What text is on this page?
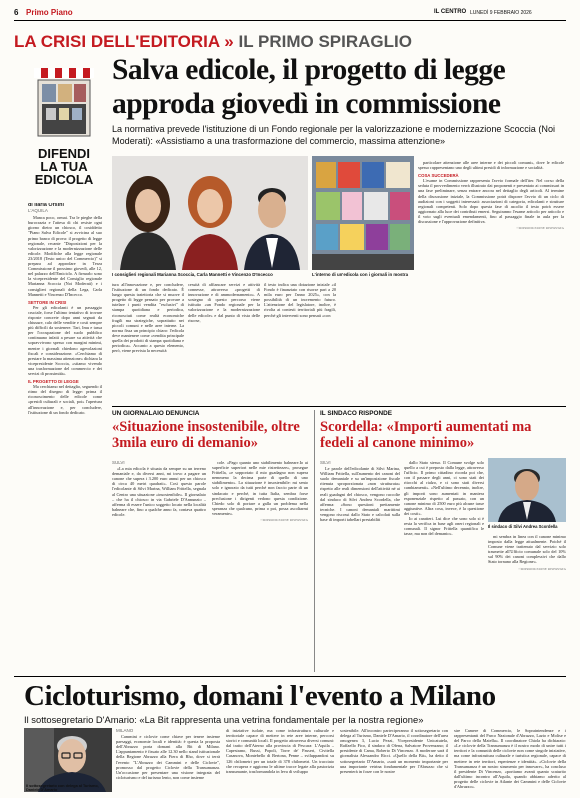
6 Primo Piano	IL CENTRO LUNEDÌ 9 FEBBRAIO 2026
LA CRISI DELL'EDITORIA » IL PRIMO SPIRAGLIO
DIFENDI
LA TUA
EDICOLA
Salva edicole, il progetto di legge
approda giovedì in commissione
La normativa prevede l'istituzione di un Fondo regionale per la valorizzazione e modernizzazione Scoccia (Noi Moderati): «Assistiamo a una trasformazione del commercio, massima attenzione»
di Ilaria Orsini
L'AQUILA

Manca poco, ormai. Tra le pieghe della burocrazia e l'attesa di chi resiste ogni giorno dietro un chiosco, il cosiddetto "Piano Salva Edicole" si avvicina al suo primo banco di prova: il progetto di legge regionale, recante "Disposizioni per la valorizzazione e la modernizzazione delle edicole. Modifiche alla legge regionale 23/2018 (Testo unico del Commercio)" si prepara ad approdare in Terza Commissione il prossimo giovedì, alle 12, nel palazzo dell'Emiciclo. A firmarlo sono la vicepresidente del Consiglio regionale Marianna Scoccia (Noi Moderati) e i consiglieri regionali della Lega, Carla Mannetti e Vincenzo D'Incecco.

SETTORE IN CRISI

Per gli edicolanti è un passaggio cruciale, forse l'ultimo tentativo di trovare risposte concrete dopo anni segnati da chiusure, calo delle vendite e costi sempre più difficili da sostenere. Tari, Imu e tassa per l'occupazione del suolo pubblico continuano infatti a pesare su attività che sopravvivono spesso con margini minimi, mentre i giornali chiedono agevolazioni fiscali e considerazione. «Cerchiamo di prestare la massima attenzione» dichiara la vicepresidente Scoccia, «stiamo vivendo una trasformazione del commercio e dei servizi di prossimità».

IL PROGETTO DI LEGGE

Ma cerchiamo nel dettaglio, seguendo il ritmo del disegno di legge: prima il riconoscimento delle edicole come «presidi culturali e sociali, poi» l'apertura all'innovazione e, per concludere, l'istituzione di un fondo dedicato.

I consiglieri regionali Marianna Scoccia, Carla Mannetti e Vincenzo D'Incecco	L'interno di un'edicola con i giornali in mostra
tura all'innovazione e, per concludere, l'istituzione di un fondo dedicato. È lungo questa traiettoria che si muove il progetto di legge pensato per provare a tutelare i punti vendita "esclusivi" di stampa quotidiana e periodica, riconosciuti come realtà economiche fragili ma strategiche, soprattutto nei piccoli comuni e nelle aree interne. La norma fissa un principio chiaro: l'edicola deve mantenere come «vendita principale quella dei prodotti di stampa quotidiana e periodica». Accanto a questo elemento, però, viene prevista la necessità
cessità di affiancare servizi e attività connesse, attraverso «progetti di innovazione e di ammodernamento». A sostegno di questo percorso viene istituito «un Fondo regionale per la valorizzazione e la modernizzazione delle edicole» e dal punto di vista delle risorse,
il testo indica una dotazione iniziale «il Fondo è finanziato con risorse pari a 20 mila euro per l'anno 2025», con la possibilità di un incremento futuro. L'attenzione del legislatore, inoltre, è rivolta ai contesti territoriali più fragili, perché gli interventi sono pensati «con

particolare attenzione alle aree interne e dei piccoli comuni», dove le edicole spesso rappresentano uno degli ultimi presidi di informazione e socialità.

COSA SUCCEDERÀ

L'esame in Commissione rappresenta l'avvio formale dell'iter. Nel corso della seduta il provvedimento verrà illustrato dai proponenti e presentato ai commissari in una fase preliminare, senza entrare ancora nel dettaglio degli articoli. Al termine della discussione iniziale, la Commissione potrà disporre l'avvio di un ciclo di audizioni con i soggetti interessati: associazioni di categoria, edicolanti e strutture regionali competenti. Solo dopo questa fase di ascolto il testo potrà essere aggiornato alla luce dei contributi emersi. Seguiranno l'esame articolo per articolo e il voto sugli eventuali emendamenti, fino al passaggio finale in aula per la discussione e l'approvazione definitiva.

©RIPRODUZIONE RISERVATA
UN GIORNALAIO DENUNCIA
«Situazione insostenibile, oltre 3mila euro di demanio»
SULVI

«La mia edicola è situata da sempre su un terreno demaniale e, da diversi anni, mi trovo a pagare un canone che supera i 3.200 euro annui per un chiosco di circa 40 metri quadrati». Così questo parole l'edicolante di Silvi Marina, William Frittella, segnala al Centro una situazione «insostenibile». Il giornalaio – che ha il chiosco in via Gabriele D'Annunzio – afferma di essere l'unico soggetto locato nella località balneare che, fino a qualche anno fa, contava quattro edicole.

cole. «Pago quanto uno stabilimento balneare.Io ai superficie superiori nelle mie ristrettezze», prosegue Frittella, «e sopportato il mio guadagno non supera nemmeno la decima parte di quello di uno stabilimento». La situazione è insostenibile: mi sento solo e ignorato da tutti perché non faccio parte di un sindacato e perché, in tutta Italia, sembra forse preclusione i dirigenti vedono questa condizione. Chiedo solo di portare a galla un problema nella speranza che qualcuno, prima o poi, possa ascoltarmi veramente».

©RIPRODUZIONE RISERVATA
IL SINDACO RISPONDE
Scordella: «Importi aumentati ma fedeli al canone minimo»
SILVI

Le parole dell'edicolante di Silvi Marina, William Frittella, sull'aumento dei canoni del suolo demaniale e su un'imposizione fiscale ritenuta sproporzionata «non strutturata» rispetto alle reali dimensioni dell'attività né ai reali guadagni del chiosco, vengono raccolte dal sindaco di Silvi Andrea Scordella, che afferma: «Sono questioni prettamente tecniche. I canoni demaniali marittimi vengono riscossi dallo Stato e calcolati sulla base di importi tabellari prestabiliti

dallo Stato stesso. Il Comune svolge solo quello a cui è preposto dalla legge, attraverso l'ufficio. Il primo cittadino ricorda poi che, con il passare degli anni, ci sono stati dei ritocchi al rialzo, e ci sono stati diversi cambiamenti». «Nell'ultimo decennio, inoltre, gli importi sono aumentati in maniera esponenziale rispetto al passato, con un canone minimo di 2500 euro più alcune tasse aggiuntive. Altra cosa, invece, è la questione dei costi».

Io ai caratteri. Lui dice che sono solo si è resta la verifica in base agli oneri regionali e comunali. Il signor Frittella quantifica le tasse, ma non del demanio».

Il sindaco di Silvi Andrea Scordella

mi sembra in linea con il canone minimo imposto dalla legge attualmente. Poiché il Comune viene trattenuto dal servizio solo trasmette all'Ufficio comunale solo del 10% sul 90% dei canoni complessivi che dallo Stato tornano alla Regione».

©RIPRODUZIONE RISERVATA
Cicloturismo, domani l'evento a Milano
Il sottosegretario D'Amario: «La Bit rappresenta una vetrina fondamentale per la nostra regione»
Il sottosegretario con delega al Turismo, Daniele D'Amario
MILANO

Cammini e ciclovie come chiave per tenere insieme paesaggi, economie locali e identità: è questa la proposta dell'Abruzzo porta domani alla Bit di Milano. L'appuntamento è fissato alle 12.30 nello stand istituzionale della Regione Abruzzo alla Fiera di Rho, dove si terrà l'evento "L'Abruzzo dei Cammini e delle Ciclovie", promosso dal progetto Ciclovie della Transumanza. Un'occasione per presentare una visione integrata del cicloturismo e del turismo lento, non come insieme

di iniziative isolate, ma come infrastruttura culturale e territoriale capace di mettere in rete aree interne, percorsi storici e comunità locali. Il progetto attraversa diversi comuni: dal tratto dell'Aterno alla provincia di Pescara: L'Aquila – Capestrano, Bussi, Popoli, Torre de' Passeri, Civitella Casanova, Montebello di Bertona, Penne – sviluppandosi su 126 chilometri per un totale di 378 chilometri. Un tracciato che recupera e aggiorna le ultime tracce legate alla pastorizia transumante, trasformandola in leva di sviluppo
sostenibile. All'incontro parteciperanno il sottosegretario con delega al Turismo, Daniele D'Amario, il coordinatore dell'area omogenea 3, Lucio Pezzi, Vicepresidente Unicatutela, Raffaello Fico, il sindaco di Ofena, Salvatore Provenzano; il presidente di Cama, Roberto Di Vincenzo. A moderare sarà il giornalista Alessandro Ricci. «Quello della Bit», ha detto il sottosegretario D'Amario, «sarà un momento importante per una importante vetrina fondamentale per l'Abruzzo che si presenterà in forze con le nostre
stre Camere di Commercio, le Sopraintendenze e i rappresentanti del Parco Nazionale d'Abruzzo, Lazio e Molise e del Parco della Maiella». Il coordinatore Chiola ha dichiarato: «Le ciclovie della Transumanza è il nostro modo di unire tutti i territori e la comunità delle ciclovie non come singole iniziative, ma come infrastruttura culturale e turistica regionale, capace di mettere in rete territori, esperienze e identità». «Ciclovie della Transumanza è un nostro strumento per innovare», ha concluso il presidente Di Vincenzo, «portiamo avanti quanto scaturito dall'ultimo incontro all'Aquila, quando abbiamo aderito al progetto delle ciclovie in Atlante dei Cammini e delle Ciclovie d'Abruzzo».
